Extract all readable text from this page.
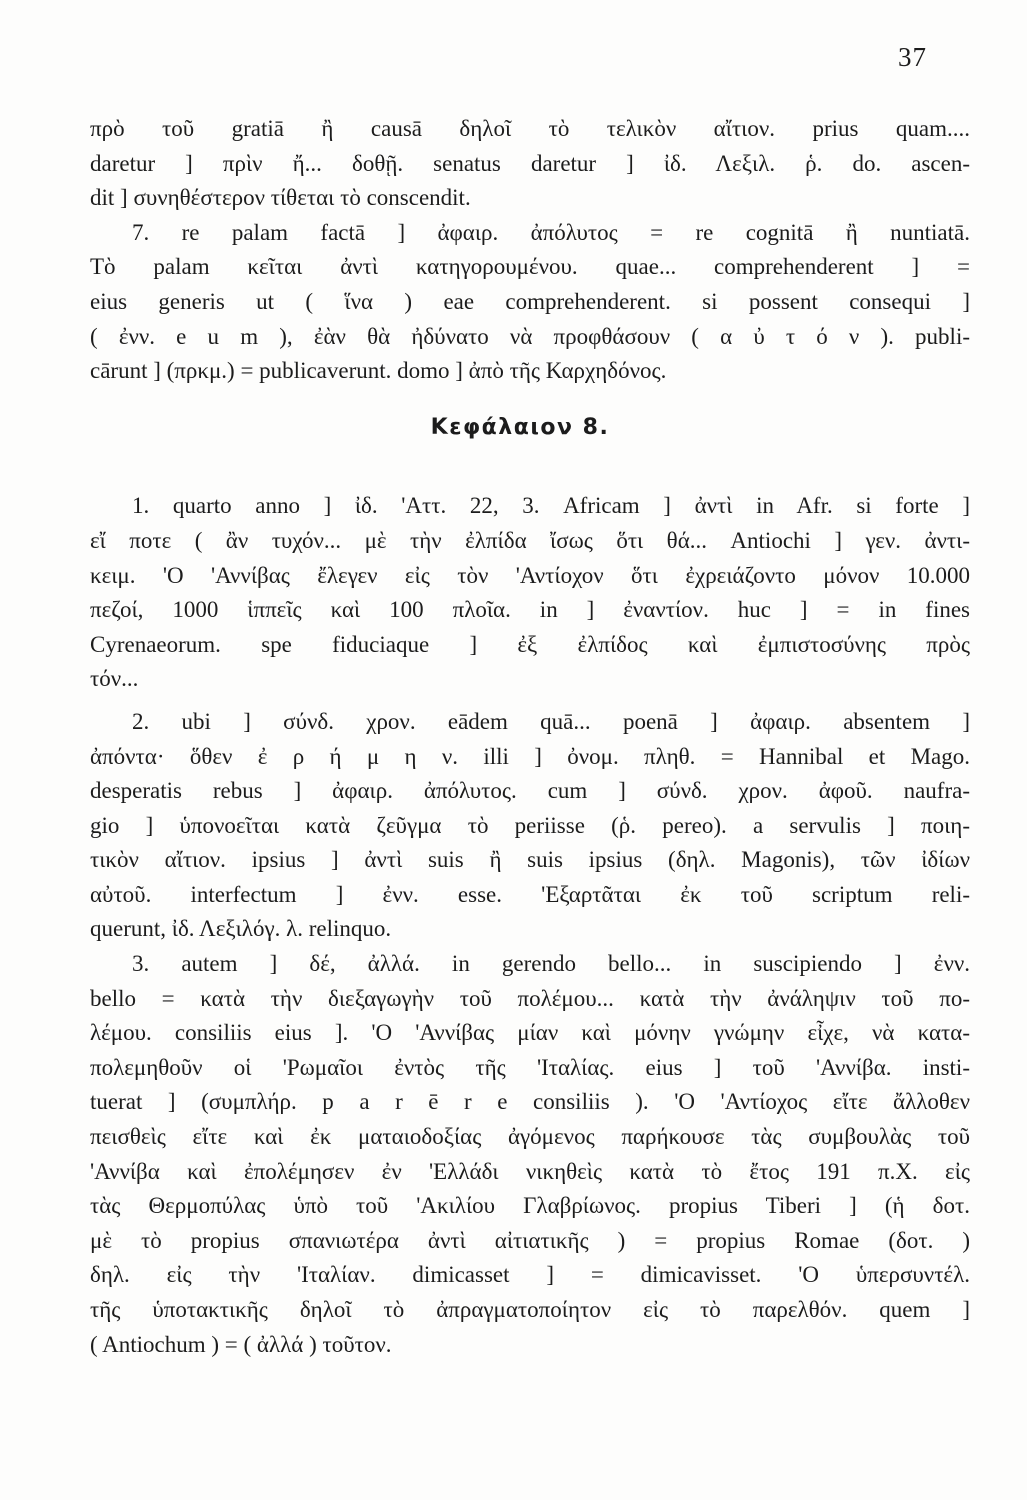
37
πρὸ τοῦ gratiā ἢ causā δηλοῖ τὸ τελικὸν αἴτιον. prius quam....
daretur ] πρὶν ἤ... δοθῇ. senatus daretur ] ἰδ. Λεξιλ. ῥ. do. ascen-
dit ] συνηθέστερον τίθεται τὸ conscendit.
7. re palam factā ] ἀφαιρ. ἀπόλυτος = re cognitā ἢ nuntiatā.
Τὸ palam κεῖται ἀντὶ κατηγορουμένου. quae... comprehenderent ] =
eius generis ut ( ἵνα ) eae comprehenderent. si possent consequi ]
( ἐνν. e u m ), ἐὰν θὰ ἠδύνατο νὰ προφθάσουν ( α ὐ τ ό ν ). publi-
cārunt ] (πρκμ.) = publicaverunt. domo ] ἀπὸ τῆς Καρχηδόνος.
Κεφάλαιον 8.
1. quarto anno ] ἰδ. 'Αττ. 22, 3. Africam ] ἀντὶ in Afr. si forte ]
εἴ ποτε ( ἂν τυχόν... μὲ τὴν ἐλπίδα ἴσως ὅτι θά... Antiochi ] γεν. ἀντι-
κειμ. 'Ο 'Αννίβας ἔλεγεν εἰς τὸν 'Αντίοχον ὅτι ἐχρειάζοντο μόνον 10.000
πεζοί, 1000 ἱππεῖς καὶ 100 πλοῖα. in ] ἐναντίον. huc ] = in fines
Cyrenaeorum. spe fiduciaque ] ἐξ ἐλπίδος καὶ ἐμπιστοσύνης πρὸς
τόν...
2. ubi ] σύνδ. χρον. eādem quā... poenā ] ἀφαιρ. absentem ]
ἀπόντα· ὅθεν ἐ ρ ή μ η ν. illi ] ὀνομ. πληθ. = Hannibal et Mago.
desperatis rebus ] ἀφαιρ. ἀπόλυτος. cum ] σύνδ. χρον. ἀφοῦ. naufra-
gio ] ὑπονοεῖται κατὰ ζεῦγμα τὸ periisse (ῥ. pereo). a servulis ] ποιη-
τικὸν αἴτιον. ipsius ] ἀντὶ suis ἢ suis ipsius (δηλ. Magonis), τῶν ἰδίων
αὐτοῦ. interfectum ] ἐνν. esse. 'Εξαρτᾶται ἐκ τοῦ scriptum reli-
querunt, ἰδ. Λεξιλόγ. λ. relinquo.
3. autem ] δέ, ἀλλά. in gerendo bello... in suscipiendo ] ἐνν.
bello = κατὰ τὴν διεξαγωγὴν τοῦ πολέμου... κατὰ τὴν ἀνάληψιν τοῦ πο-
λέμου. consiliis eius ]. 'Ο 'Αννίβας μίαν καὶ μόνην γνώμην εἶχε, νὰ κατα-
πολεμηθοῦν οἱ 'Ρωμαῖοι ἐντὸς τῆς 'Ιταλίας. eius ] τοῦ 'Αννίβα. insti-
tuerat ] (συμπλήρ. p a r ē r e consiliis ). 'Ο 'Αντίοχος εἴτε ἄλλοθεν
πεισθεὶς εἴτε καὶ ἐκ ματαιοδοξίας ἀγόμενος παρήκουσε τὰς συμβουλὰς τοῦ
'Αννίβα καὶ ἐπολέμησεν ἐν 'Ελλάδι νικηθεὶς κατὰ τὸ ἔτος 191 π.Χ. εἰς
τὰς Θερμοπύλας ὑπὸ τοῦ 'Ακιλίου Γλαβρίωνος. propius Tiberi ] (ἡ δοτ.
μὲ τὸ propius σπανιωτέρα ἀντὶ αἰτιατικῆς ) = propius Romae (δοτ. )
δηλ. εἰς τὴν 'Ιταλίαν. dimicasset ] = dimicavisset. 'Ο ὑπερσυντέλ.
τῆς ὑποτακτικῆς δηλοῖ τὸ ἀπραγματοποίητον εἰς τὸ παρελθόν. quem ]
( Antiochum ) = ( ἀλλά ) τοῦτον.
